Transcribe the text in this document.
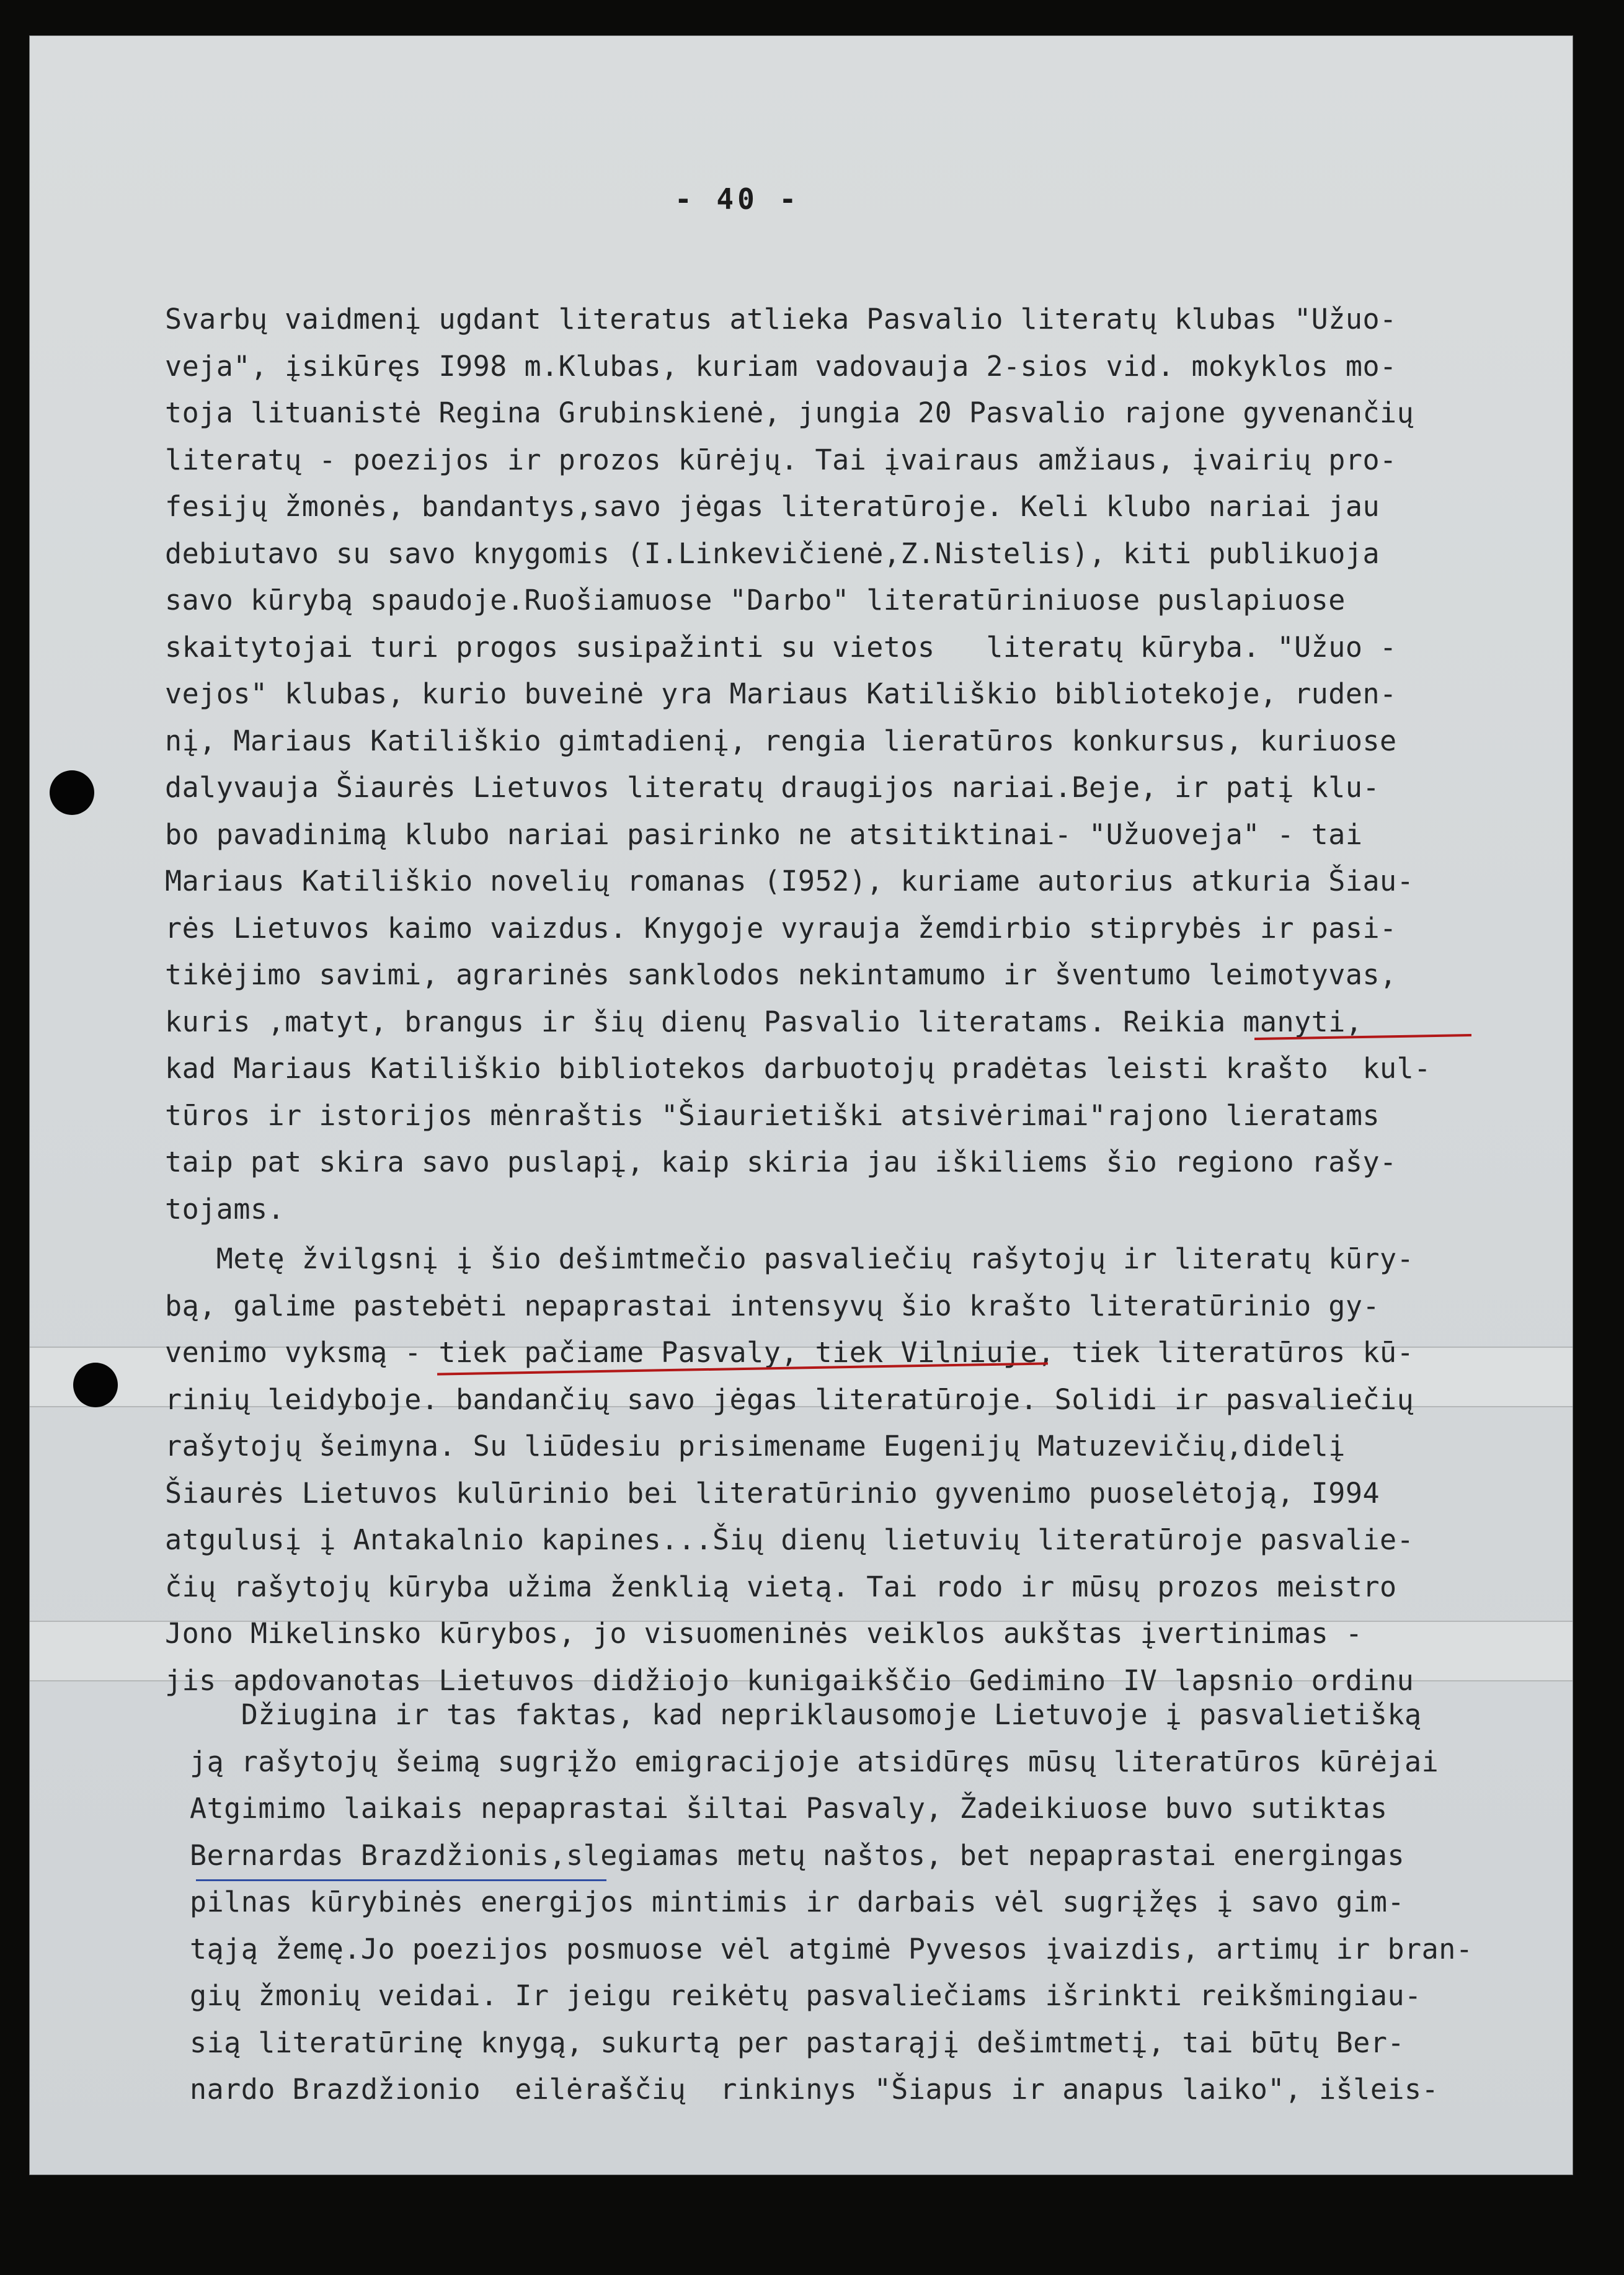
- 40 -
Svarbų vaidmenį ugdant literatus atlieka Pasvalio literatų klubas "Užuo-
veja", įsikūręs I998 m.Klubas, kuriam vadovauja 2-sios vid. mokyklos mo-
toja lituanistė Regina Grubinskienė, jungia 20 Pasvalio rajone gyvenančių
literatų - poezijos ir prozos kūrėjų. Tai įvairaus amžiaus, įvairių pro-
fesijų žmonės, bandantys,savo jėgas literatūroje. Keli klubo nariai jau
debiutavo su savo knygomis (I.Linkevičienė,Z.Nistelis), kiti publikuoja
savo kūrybą spaudoje.Ruošiamuose "Darbo" literatūriniuose puslapiuose
skaitytojai turi progos susipažinti su vietos   literatų kūryba. "Užuo -
vejos" klubas, kurio buveinė yra Mariaus Katiliškio bibliotekoje, ruden-
nį, Mariaus Katiliškio gimtadienį, rengia lieratūros konkursus, kuriuose
dalyvauja Šiaurės Lietuvos literatų draugijos nariai.Beje, ir patį klu-
bo pavadinimą klubo nariai pasirinko ne atsitiktinai- "Užuoveja" - tai
Mariaus Katiliškio novelių romanas (I952), kuriame autorius atkuria Šiau-
rės Lietuvos kaimo vaizdus. Knygoje vyrauja žemdirbio stiprybės ir pasi-
tikėjimo savimi, agrarinės sanklodos nekintamumo ir šventumo leimotyvas,
kuris ,matyt, brangus ir šių dienų Pasvalio literatams. Reikia manyti,
kad Mariaus Katiliškio bibliotekos darbuotojų pradėtas leisti krašto  kul-
tūros ir istorijos mėnraštis "Šiaurietiški atsivėrimai"rajono lieratams
taip pat skira savo puslapį, kaip skiria jau iškiliems šio regiono rašy-
tojams.
Metę žvilgsnį į šio dešimtmečio pasvaliečių rašytojų ir literatų kūry-
bą, galime pastebėti nepaprastai intensyvų šio krašto literatūrinio gy-
venimo vyksmą - tiek pačiame Pasvaly, tiek Vilniuje, tiek literatūros kū-
rinių leidyboje. bandančių savo jėgas literatūroje. Solidi ir pasvaliečių
rašytojų šeimyna. Su liūdesiu prisimename Eugenijų Matuzevičių,didelį
Šiaurės Lietuvos kulūrinio bei literatūrinio gyvenimo puoselėtoją, I994
atgulusį į Antakalnio kapines...Šių dienų lietuvių literatūroje pasvalie-
čių rašytojų kūryba užima ženklią vietą. Tai rodo ir mūsų prozos meistro
Jono Mikelinsko kūrybos, jo visuomeninės veiklos aukštas įvertinimas -
jis apdovanotas Lietuvos didžiojo kunigaikščio Gedimino IV lapsnio ordinu
Džiugina ir tas faktas, kad nepriklausomoje Lietuvoje į pasvalietišką
ją rašytojų šeimą sugrįžo emigracijoje atsidūręs mūsų literatūros kūrėjai
Atgimimo laikais nepaprastai šiltai Pasvaly, Žadeikiuose buvo sutiktas
Bernardas Brazdžionis,slegiamas metų naštos, bet nepaprastai energingas
pilnas kūrybinės energijos mintimis ir darbais vėl sugrįžęs į savo gim-
tąją žemę.Jo poezijos posmuose vėl atgimė Pyvesos įvaizdis, artimų ir bran-
gių žmonių veidai. Ir jeigu reikėtų pasvaliečiams išrinkti reikšmingiau-
sią literatūrinę knygą, sukurtą per pastarąjį dešimtmetį, tai būtų Ber-
nardo Brazdžionio  eilėraščių  rinkinys "Šiapus ir anapus laiko", išleis-
